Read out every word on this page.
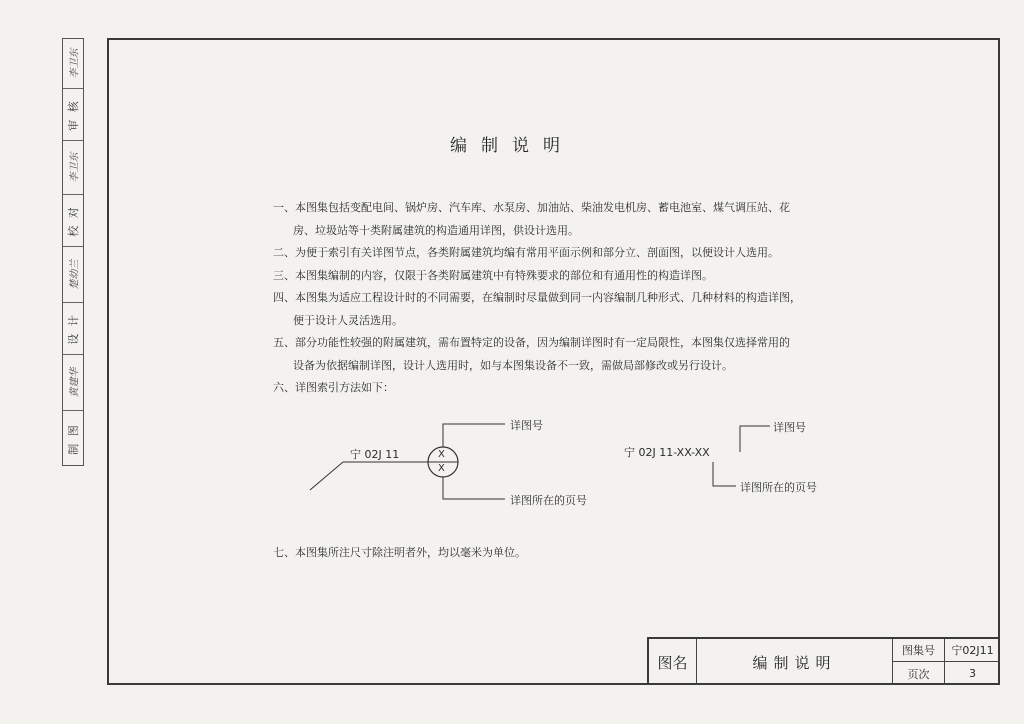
李卫东
审 核
李卫东
校 对
楚幼兰
设 计
黄建华
制 图
编制说明
一、本图集包括变配电间、锅炉房、汽车库、水泵房、加油站、柴油发电机房、蓄电池室、煤气调压站、花
房、垃圾站等十类附属建筑的构造通用详图，供设计选用。
二、为便于索引有关详图节点，各类附属建筑均编有常用平面示例和部分立、剖面图，以便设计人选用。
三、本图集编制的内容，仅限于各类附属建筑中有特殊要求的部位和有通用性的构造详图。
四、本图集为适应工程设计时的不同需要，在编制时尽量做到同一内容编制几种形式、几种材料的构造详图，
便于设计人灵活选用。
五、部分功能性较强的附属建筑，需布置特定的设备，因为编制详图时有一定局限性，本图集仅选择常用的
设备为依据编制详图，设计人选用时，如与本图集设备不一致，需做局部修改或另行设计。
六、详图索引方法如下：
宁 02J 11	X
X
详图号
详图所在的页号
宁 02J 11-XX-XX
详图号
详图所在的页号
七、本图集所注尺寸除注明者外，均以毫米为单位。
图名	编制说明
图集号	宁02J11
页次	3
